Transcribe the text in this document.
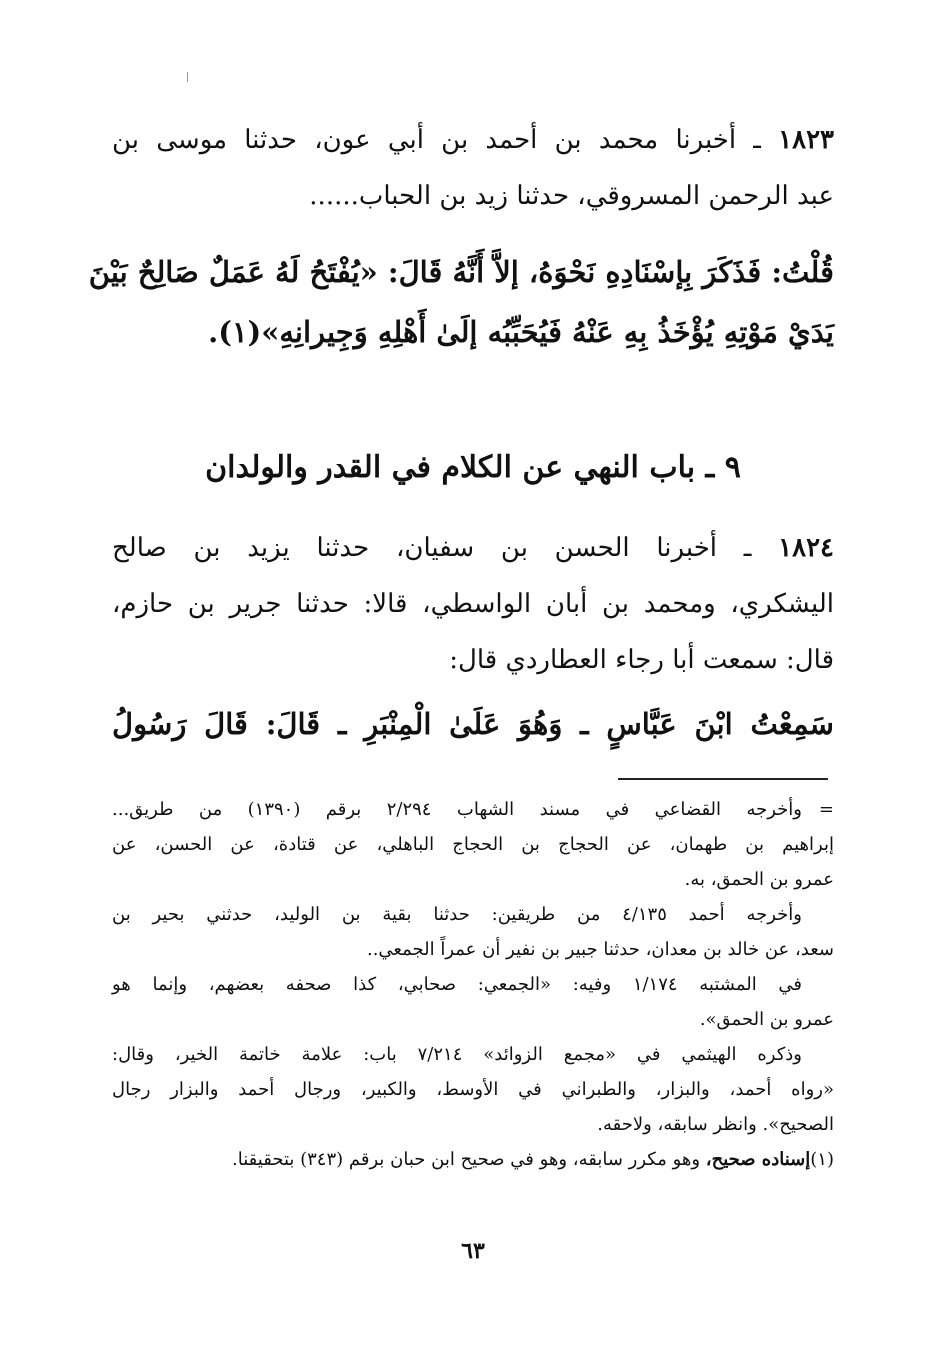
١٨٢٣ ـ أخبرنا محمد بن أحمد بن أبي عون، حدثنا موسى بن
عبد الرحمن المسروقي، حدثنا زيد بن الحباب......
قُلْتُ: فَذَكَرَ بِإسْنَادِهِ نَحْوَهُ، إلاَّ أَنَّهُ قَالَ: «يُفْتَحُ لَهُ عَمَلٌ صَالِحٌ بَيْنَ
يَدَيْ مَوْتِهِ يُؤْخَذُ بِهِ عَنْهُ فَيُحَبِّبُه إلَىٰ أَهْلِهِ وَجِيرانِهِ»(١).
٩ ـ باب النهي عن الكلام في القدر والولدان
١٨٢٤ ـ أخبرنا الحسن بن سفيان، حدثنا يزيد بن صالح
اليشكري، ومحمد بن أبان الواسطي، قالا: حدثنا جرير بن حازم،
قال: سمعت أبا رجاء العطاردي قال:
سَمِعْتُ ابْنَ عَبَّاسٍ ـ وَهُوَ عَلَىٰ الْمِنْبَرِ ـ قَالَ: قَالَ رَسُولُ
=
وأخرجه القضاعي في مسند الشهاب ٢/٢٩٤ برقم (١٣٩٠) من طريق...
إبراهيم بن طهمان، عن الحجاج بن الحجاج الباهلي، عن قتادة، عن الحسن، عن
عمرو بن الحمق، به.
وأخرجه أحمد ٤/١٣٥ من طريقين: حدثنا بقية بن الوليد، حدثني بحير بن
سعد، عن خالد بن معدان، حدثنا جبير بن نفير أن عمراً الجمعي..
في المشتبه ١/١٧٤ وفيه: «الجمعي: صحابي، كذا صحفه بعضهم، وإنما هو
عمرو بن الحمق».
وذكره الهيثمي في «مجمع الزوائد» ٧/٢١٤ باب: علامة خاتمة الخير، وقال:
«رواه أحمد، والبزار، والطبراني في الأوسط، والكبير، ورجال أحمد والبزار رجال
الصحيح». وانظر سابقه، ولاحقه.
(١)إسناده صحيح، وهو مكرر سابقه، وهو في صحيح ابن حبان برقم (٣٤٣) بتحقيقنا.
٦٣
